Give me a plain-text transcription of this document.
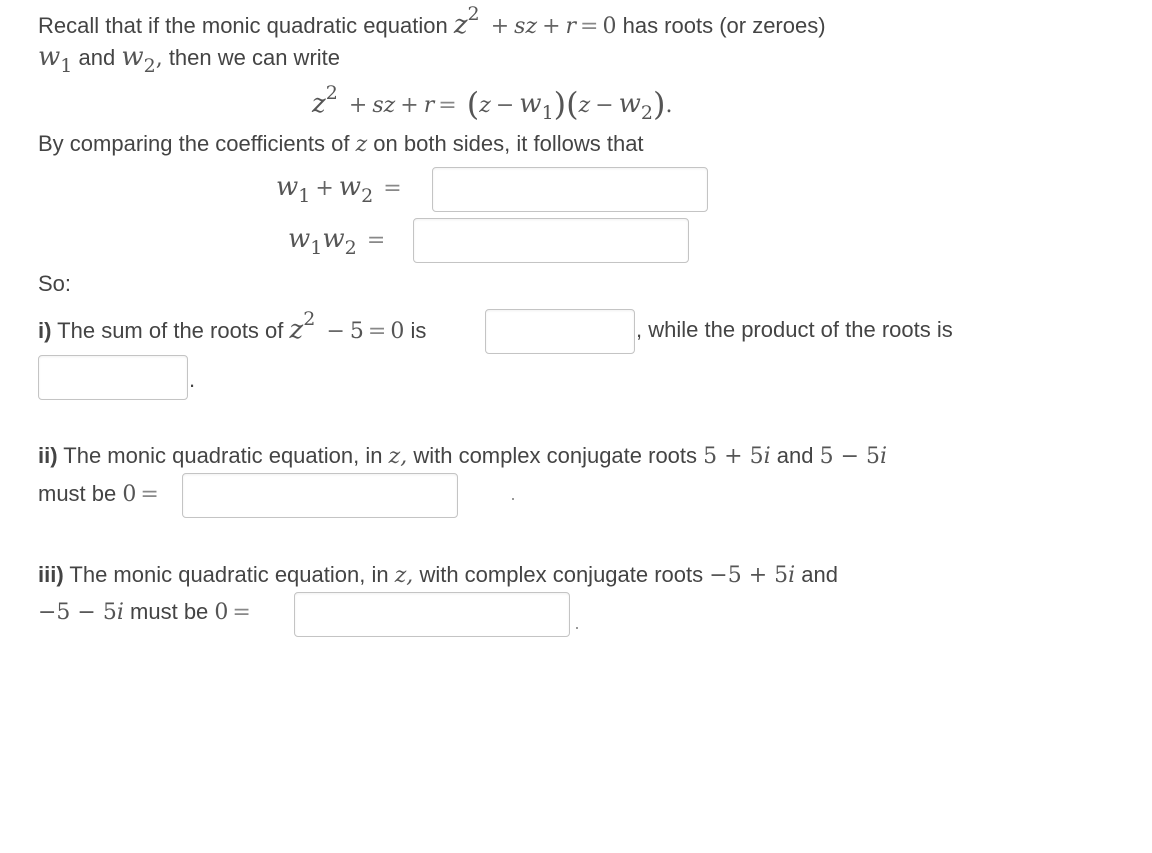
Recall that if the monic quadratic equation z2 + sz + r = 0 has roots (or zeroes)
w1 and w2, then we can write
z2 + sz + r = (z − w1)(z − w2).
By comparing the coefficients of z on both sides, it follows that
w1 + w2 =
w1w2 =
So:
i) The sum of the roots of z2 − 5 = 0 is	, while the product of the roots is
.
ii) The monic quadratic equation, in z, with complex conjugate roots 5 + 5i and 5 − 5i
must be 0 =
iii) The monic quadratic equation, in z, with complex conjugate roots −5 + 5i and
−5 − 5i must be 0 =
